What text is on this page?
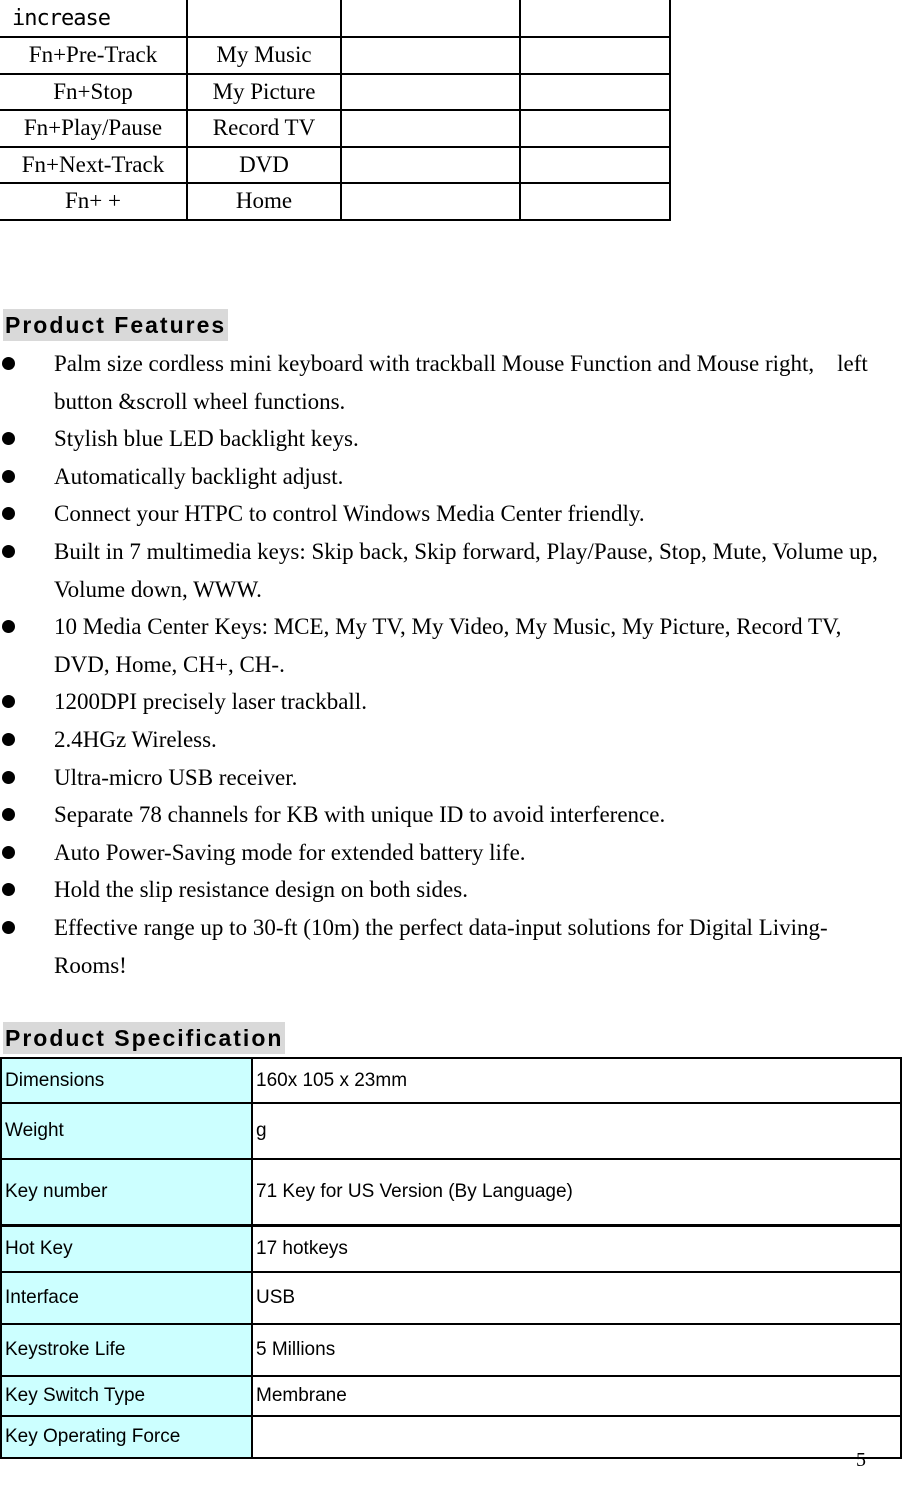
increase			
Fn+Pre-Track	My Music		
Fn+Stop	My Picture		
Fn+Play/Pause	Record TV		
Fn+Next-Track	DVD		
Fn+ +	Home		
Product Features
Palm size cordless mini keyboard with trackball Mouse Function and Mouse right,    left button &scroll wheel functions.
Stylish blue LED backlight keys.
Automatically backlight adjust.
Connect your HTPC to control Windows Media Center friendly.
Built in 7 multimedia keys: Skip back, Skip forward, Play/Pause, Stop, Mute, Volume up, Volume down, WWW.
10 Media Center Keys: MCE, My TV, My Video, My Music, My Picture, Record TV, DVD, Home, CH+, CH-.
1200DPI precisely laser trackball.
2.4HGz Wireless.
Ultra-micro USB receiver.
Separate 78 channels for KB with unique ID to avoid interference.
Auto Power-Saving mode for extended battery life.
Hold the slip resistance design on both sides.
Effective range up to 30-ft (10m) the perfect data-input solutions for Digital Living-Rooms!
Product Specification
Dimensions	160x 105 x 23mm
Weight	g
Key number	71 Key for US Version (By Language)
Hot Key	17 hotkeys
Interface	USB
Keystroke Life	5 Millions
Key Switch Type	Membrane
Key Operating Force	
5
